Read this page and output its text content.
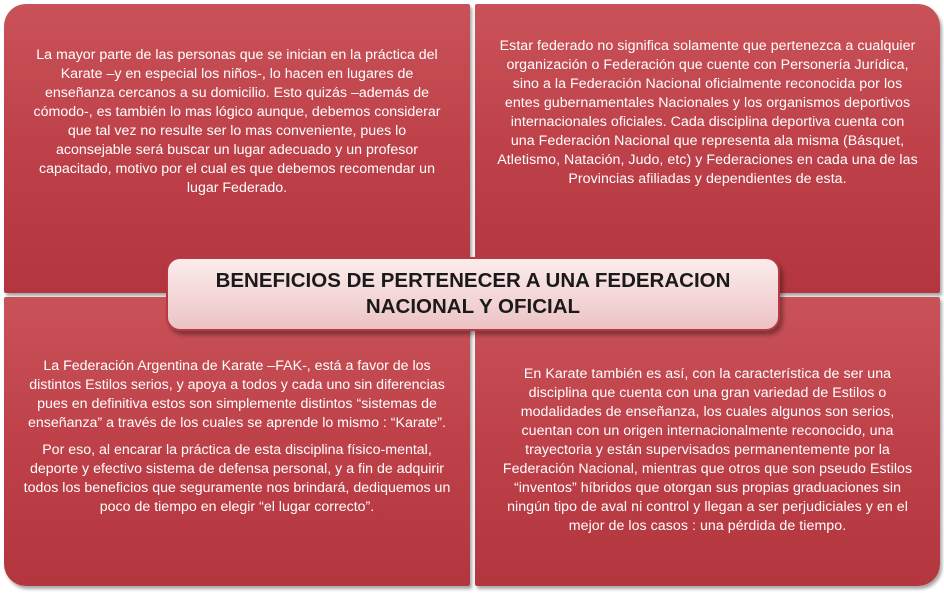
La mayor parte de las personas que se inician en la práctica del Karate –y en especial los niños-, lo hacen en lugares de enseñanza cercanos a su domicilio. Esto quizás –además de cómodo-, es también lo mas lógico aunque, debemos considerar que tal vez no resulte ser lo mas conveniente, pues lo aconsejable será buscar un lugar adecuado y un profesor capacitado, motivo por el cual es que debemos recomendar un lugar Federado.

Estar federado no significa solamente que pertenezca a cualquier organización o Federación que cuente con Personería Jurídica, sino a la Federación Nacional oficialmente reconocida por los entes gubernamentales Nacionales y los organismos deportivos internacionales oficiales. Cada disciplina deportiva cuenta con una Federación Nacional que representa ala misma (Básquet, Atletismo, Natación, Judo, etc) y Federaciones en cada una de las Provincias afiliadas y dependientes de esta.

La Federación Argentina de Karate –FAK-, está a favor de los distintos Estilos serios, y apoya a todos y cada uno sin diferencias pues en definitiva estos son simplemente distintos “sistemas de enseñanza” a través de los cuales se aprende lo mismo : “Karate”.

Por eso, al encarar la práctica de esta disciplina físico-mental, deporte y efectivo sistema de defensa personal, y a fin de adquirir todos los beneficios que seguramente nos brindará, dediquemos un poco de tiempo en elegir “el lugar correcto”.

En Karate también es así, con la característica de ser una disciplina que cuenta con una gran variedad de Estilos o modalidades de enseñanza, los cuales algunos son serios, cuentan con un origen internacionalmente reconocido, una trayectoria y están supervisados permanentemente por la Federación Nacional, mientras que otros que son pseudo Estilos “inventos” híbridos que otorgan sus propias graduaciones sin ningún tipo de aval ni control y llegan a ser perjudiciales y en el mejor de los casos : una pérdida de tiempo.

BENEFICIOS DE PERTENECER A UNA FEDERACION NACIONAL Y OFICIAL
